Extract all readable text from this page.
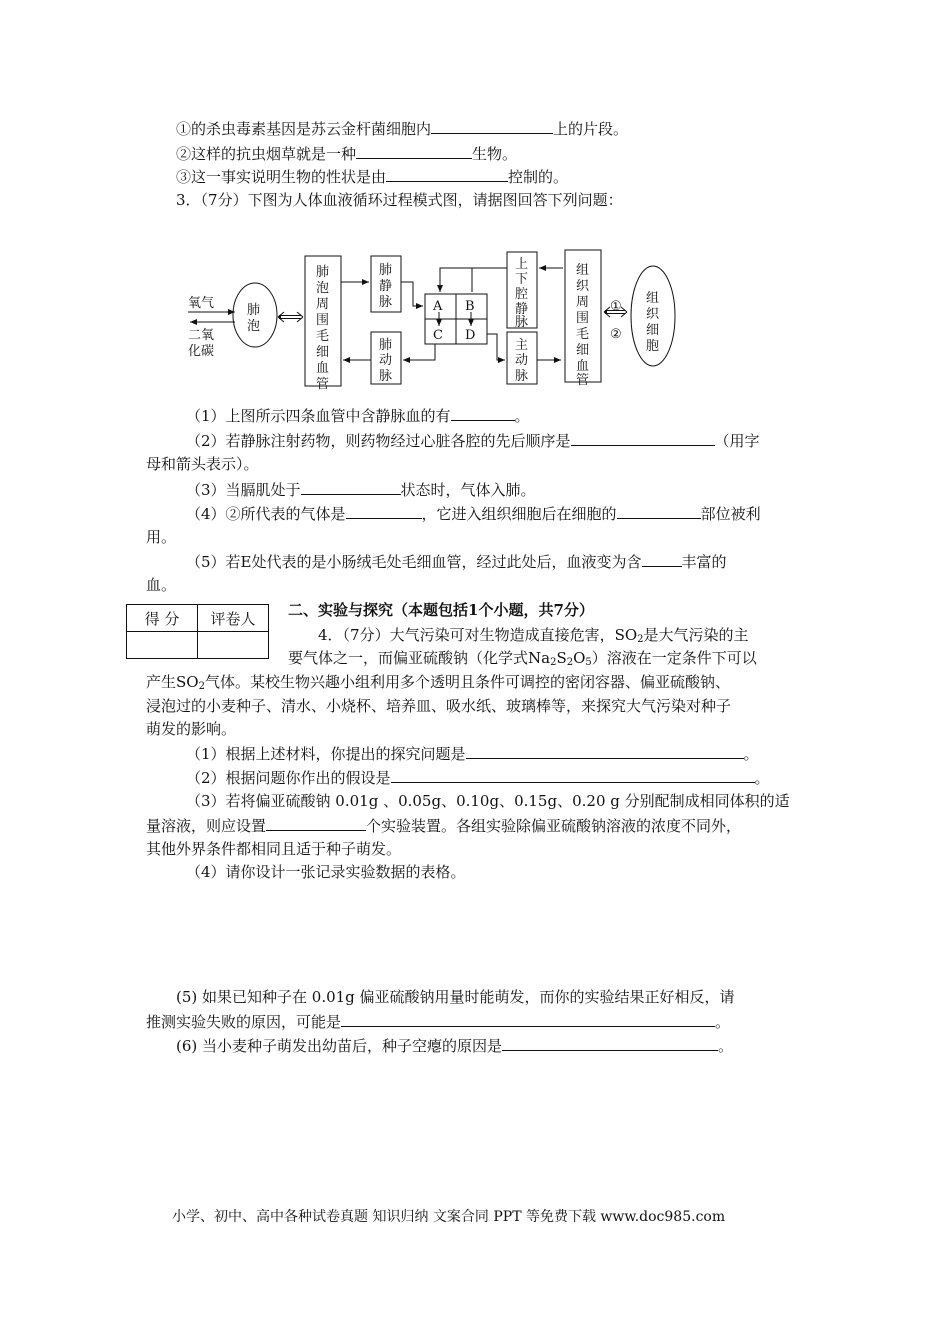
①的杀虫毒素基因是苏云金杆菌细胞内	上的片段。
②这样的抗虫烟草就是一种	生物。
③这一事实说明生物的性状是由	控制的。
3．（7分）下图为人体血液循环过程模式图，请据图回答下列问题：
氧气
二氧
化碳
肺
泡
肺
泡
周
围
毛
细
血
管
肺
静
脉
肺
动
脉
A B
C D
上
下
腔
静
脉
主
动
脉
组
织
周
围
毛
细
血
管
①
②
组
织
细
胞
（1）上图所示四条血管中含静脉血的有	。
（2）若静脉注射药物，则药物经过心脏各腔的先后顺序是	（用字
母和箭头表示）。
（3）当膈肌处于	状态时，气体入肺。
（4）②所代表的气体是	，它进入组织细胞后在细胞的	部位被利
用。
（5）若E处代表的是小肠绒毛处毛细血管，经过此处后，血液变为含	丰富的
血。
得 分	评卷人
	二、实验与探究（本题包括1个小题，共7分）
4．（7分）大气污染可对生物造成直接危害，$SO_2$是大气污染的主
要气体之一，而偏亚硫酸钠（化学式$Na_2S_2O_5$）溶液在一定条件下可以
产生$SO_2$气体。某校生物兴趣小组利用多个透明且条件可调控的密闭容器、偏亚硫酸钠、
浸泡过的小麦种子、清水、小烧杯、培养皿、吸水纸、玻璃棒等，来探究大气污染对种子
萌发的影响。
（1）根据上述材料，你提出的探究问题是	。
（2）根据问题你作出的假设是	。
（3）若将偏亚硫酸钠 0.01g 、0.05g、0.10g、0.15g、0.20 g 分别配制成相同体积的适
量溶液，则应设置	个实验装置。各组实验除偏亚硫酸钠溶液的浓度不同外，
其他外界条件都相同且适于种子萌发。
（4）请你设计一张记录实验数据的表格。
(5) 如果已知种子在 0.01g 偏亚硫酸钠用量时能萌发，而你的实验结果正好相反，请
推测实验失败的原因，可能是	。
(6) 当小麦种子萌发出幼苗后，种子空瘪的原因是	。
小学、初中、高中各种试卷真题 知识归纳 文案合同 PPT 等免费下载 www.doc985.com
